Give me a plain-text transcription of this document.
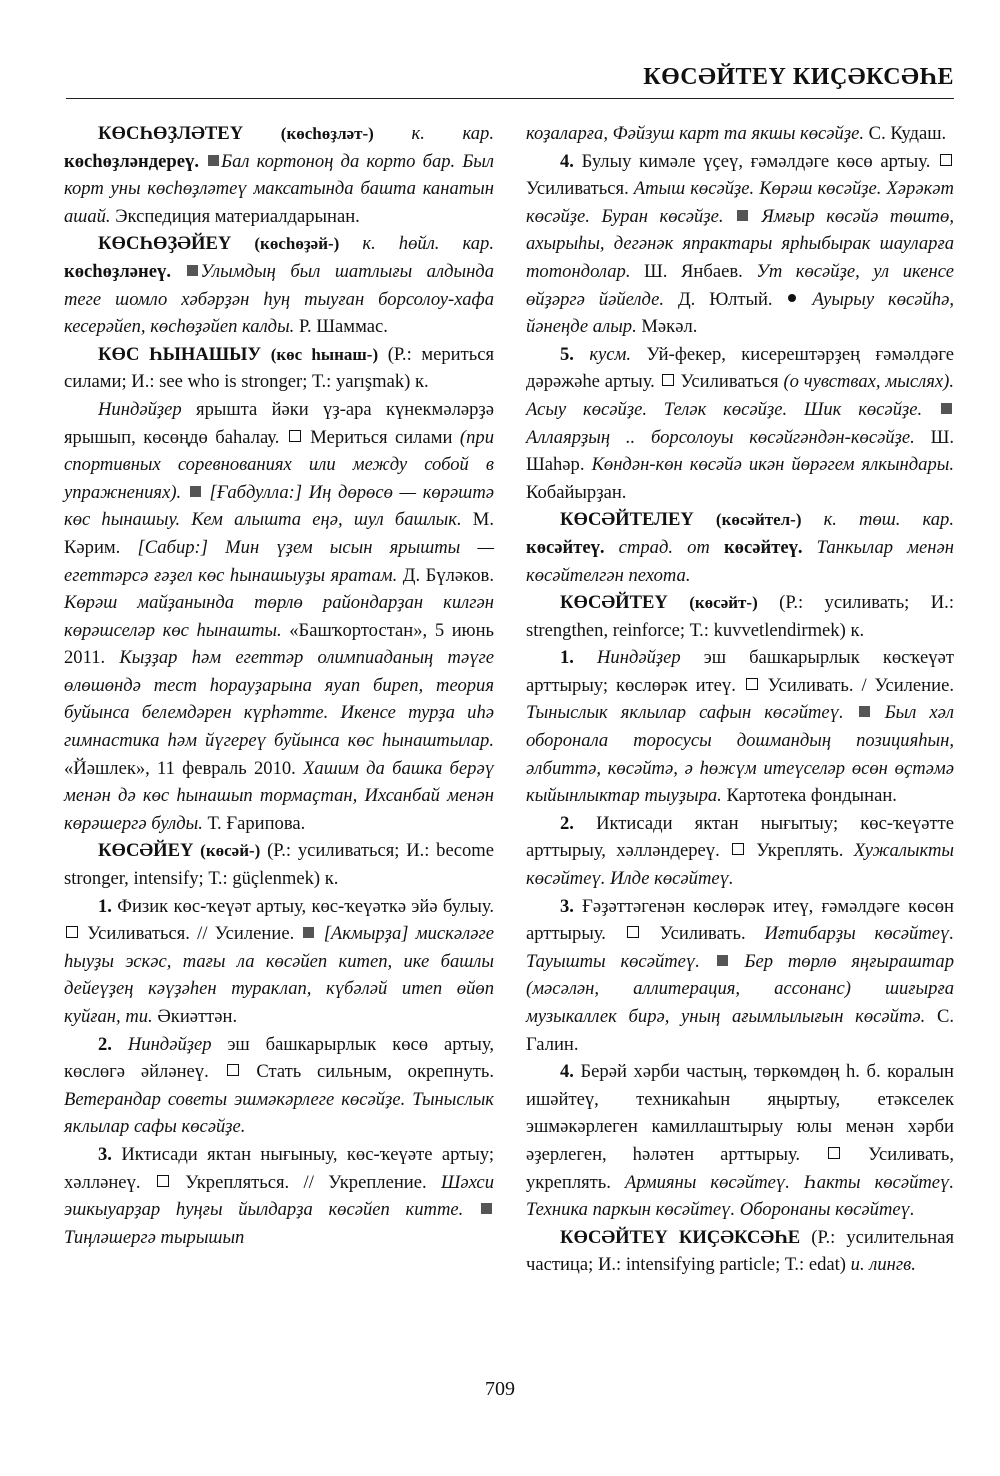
КӨСӘЙТЕҮ КИҪӘКСӘҺЕ

КӨСҺӨҘЛӘТЕҮ (көсһөҙләт-) к. кар. көсһөҙләндереү. Бал кортоноң да корто бар. Был корт уны көсһөҙләтеү максатында башта канатын ашай. Экспедиция материалдарынан.

КӨСҺӨҘӘЙЕҮ (көсһөҙәй-) к. һөйл. кар. көсһөҙләнеү. Улымдың был шатлығы алдында теге шомло хәбәрҙән һуң тыуған борсолоу-хафа кесерәйеп, көсһөҙәйеп калды. Р. Шаммас.

КӨС ҺЫНАШЫУ (көс һынаш-) (Р.: мериться силами; И.: see who is stronger; Т.: yarışmak) к.

Ниндәйҙер ярышта йәки үҙ-ара күнекмәләрҙә ярышып, көсөңдө баһалау.  Мериться силами (при спортивных соревнованиях или между собой в упражнениях). [Ғабдулла:] Иң дөрөсө — көрәштә көс һынашыу. Кем алышта еңә, шул башлык. М. Кәрим. [Сабир:] Мин үҙем ысын ярышты — егеттәрсә ғәҙел көс һынашыуҙы яратам. Д. Бүләков. Көрәш майҙанында төрлө райондарҙан килгән көрәшселәр көс һынашты. «Башҡортостан», 5 июнь 2011. Кыҙҙар һәм егеттәр олимпиаданың тәүге өлөшөндә тест һорауҙарына яуап биреп, теория буйынса белемдәрен күрһәтте. Икенсе турҙа иһә гимнастика һәм йүгереү буйынса көс һынаштылар. «Йәшлек», 11 февраль 2010. Хашим да башка берәү менән дә көс һынашып тормаҫтан, Ихсанбай менән көрәшергә булды. Т. Ғарипова.

КӨСӘЙЕҮ (көсәй-) (Р.: усиливаться; И.: become stronger, intensify; Т.: güçlenmek) к.

1. Физик көс-ҡеүәт артыу, көс-ҡеүәткә эйә булыу.  Усиливаться. // Усиление. [Акмырҙа] мискәләге һыуҙы эскәс, тағы ла көсәйеп китеп, ике башлы дейеүҙең кәүҙәһен тураклап, күбәләй итеп өйөп куйған, ти. Әкиәттән.

2. Ниндәйҙер эш башкарырлык көсө артыу, көслөгә әйләнеү.  Стать сильным, окрепнуть. Ветерандар советы эшмәкәрлеге көсәйҙе. Тыныслык яклылар сафы көсәйҙе.

3. Иктисади яктан нығыныу, көс-ҡеүәте артыу; хәлләнеү.  Укрепляться. // Укрепление. Шәхси эшкыуарҙар һуңғы йылдарҙа көсәйеп китте.  Тиңләшергә тырышып

коҙаларға, Фәйзуш карт та якшы көсәйҙе. С. Кудаш.

4. Булыу кимәле үҫеү, ғәмәлдәге көсө артыу.  Усиливаться. Атыш көсәйҙе. Көрәш көсәйҙе. Хәрәкәт көсәйҙе. Буран көсәйҙе. Ямғыр көсәйә төштө, ахырыһы, дегәнәк япрактары ярһыбырак шауларға тотондолар. Ш. Янбаев. Ут көсәйҙе, ул икенсе өйҙәргә йәйелде. Д. Юлтый.  Ауырыу көсәйһә, йәнеңде алыр. Мәкәл.

5. кусм. Уй-фекер, кисерештәрҙең ғәмәлдәге дәрәжәһе артыу.  Усиливаться (о чувствах, мыслях). Асыу көсәйҙе. Теләк көсәйҙе. Шик көсәйҙе.  Аллаярҙың .. борсолоуы көсәйгәндән-көсәйҙе. Ш. Шаһәр. Көндән-көн көсәйә икән йөрәгем ялкындары. Кобайырҙан.

КӨСӘЙТЕЛЕҮ (көсәйтел-) к. төш. кар. көсәйтеү. страд. от көсәйтеү. Танкылар менән көсәйтелгән пехота.

КӨСӘЙТЕҮ (көсәйт-) (Р.: усиливать; И.: strengthen, reinforce; Т.: kuvvetlendirmek) к.

1. Ниндәйҙер эш башкарырлык көсҡеүәт арттырыу; көслөрәк итеү.  Усиливать. / Усиление. Тыныслык яклылар сафын көсәйтеү. Был хәл оборонала торосусы дошмандың позицияһын, әлбиттә, көсәйтә, ә һөжүм итеүселәр өсөн өҫтәмә кыйынлыктар тыуҙыра. Картотека фондынан.

2. Иктисади яктан нығытыу; көс-ҡеүәтте арттырыу, хәлләндереү.  Укреплять. Хужалыкты көсәйтеү. Илде көсәйтеү.

3. Ғәҙәттәгенән көслөрәк итеү, ғәмәлдәге көсөн арттырыу.  Усиливать. Иғтибарҙы көсәйтеү. Тауышты көсәйтеү. Бер төрлө яңғыраштар (мәсәлән, аллитерация, ассонанс) шиғырға музыкаллек бирә, уның ағымлылығын көсәйтә. С. Галин.

4. Берәй хәрби частың, төркөмдөң һ. б. коралын ишәйтеү, техникаһын яңыртыу, етәкселек эшмәкәрлеген камиллаштырыу юлы менән хәрби әҙерлеген, һәләтен арттырыу.  Усиливать, укреплять. Армияны көсәйтеү. Һакты көсәйтеү. Техника паркын көсәйтеү. Оборонаны көсәйтеү.

КӨСӘЙТЕҮ КИҪӘКСӘҺЕ (Р.: усилительная частица; И.: intensifying particle; Т.: edat) и. лингв.

709
